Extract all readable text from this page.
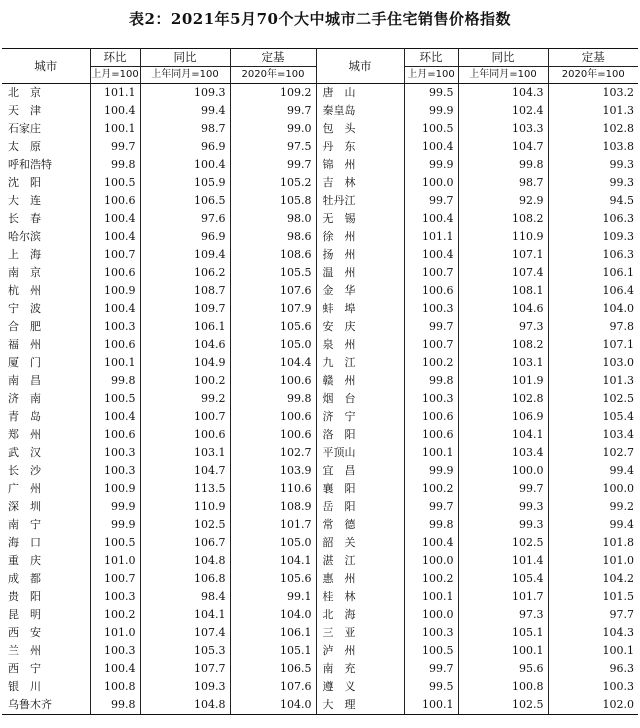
表2：2021年5月70个大中城市二手住宅销售价格指数
城市	环比	同比	定基	城市	环比	同比	定基
	上月=100	上年同月=100	2020年=100		上月=100	上年同月=100	2020年=100
北　京	101.1	109.3	109.2	唐　山	99.5	104.3	103.2
天　津	100.4	99.4	99.7	秦皇岛	99.9	102.4	101.3
石家庄	100.1	98.7	99.0	包　头	100.5	103.3	102.8
太　原	99.7	96.9	97.5	丹　东	100.4	104.7	103.8
呼和浩特	99.8	100.4	99.7	锦　州	99.9	99.8	99.3
沈　阳	100.5	105.9	105.2	吉　林	100.0	98.7	99.3
大　连	100.6	106.5	105.8	牡丹江	99.7	92.9	94.5
长　春	100.4	97.6	98.0	无　锡	100.4	108.2	106.3
哈尔滨	100.4	96.9	98.6	徐　州	101.1	110.9	109.3
上　海	100.7	109.4	108.6	扬　州	100.4	107.1	106.3
南　京	100.6	106.2	105.5	温　州	100.7	107.4	106.1
杭　州	100.9	108.7	107.6	金　华	100.6	108.1	106.4
宁　波	100.4	109.7	107.9	蚌　埠	100.3	104.6	104.0
合　肥	100.3	106.1	105.6	安　庆	99.7	97.3	97.8
福　州	100.6	104.6	105.0	泉　州	100.7	108.2	107.1
厦　门	100.1	104.9	104.4	九　江	100.2	103.1	103.0
南　昌	99.8	100.2	100.6	赣　州	99.8	101.9	101.3
济　南	100.5	99.2	99.8	烟　台	100.3	102.8	102.5
青　岛	100.4	100.7	100.6	济　宁	100.6	106.9	105.4
郑　州	100.6	100.6	100.6	洛　阳	100.6	104.1	103.4
武　汉	100.3	103.1	102.7	平顶山	100.1	103.4	102.7
长　沙	100.3	104.7	103.9	宜　昌	99.9	100.0	99.4
广　州	100.9	113.5	110.6	襄　阳	100.2	99.7	100.0
深　圳	99.9	110.9	108.9	岳　阳	99.7	99.3	99.2
南　宁	99.9	102.5	101.7	常　德	99.8	99.3	99.4
海　口	100.5	106.7	105.0	韶　关	100.4	102.5	101.8
重　庆	101.0	104.8	104.1	湛　江	100.0	101.4	101.0
成　都	100.7	106.8	105.6	惠　州	100.2	105.4	104.2
贵　阳	100.3	98.4	99.1	桂　林	100.1	101.7	101.5
昆　明	100.2	104.1	104.0	北　海	100.0	97.3	97.7
西　安	101.0	107.4	106.1	三　亚	100.3	105.1	104.3
兰　州	100.3	105.3	105.1	泸　州	100.5	100.1	100.1
西　宁	100.4	107.7	106.5	南　充	99.7	95.6	96.3
银　川	100.8	109.3	107.6	遵　义	99.5	100.8	100.3
乌鲁木齐	99.8	104.8	104.0	大　理	100.1	102.5	102.0
